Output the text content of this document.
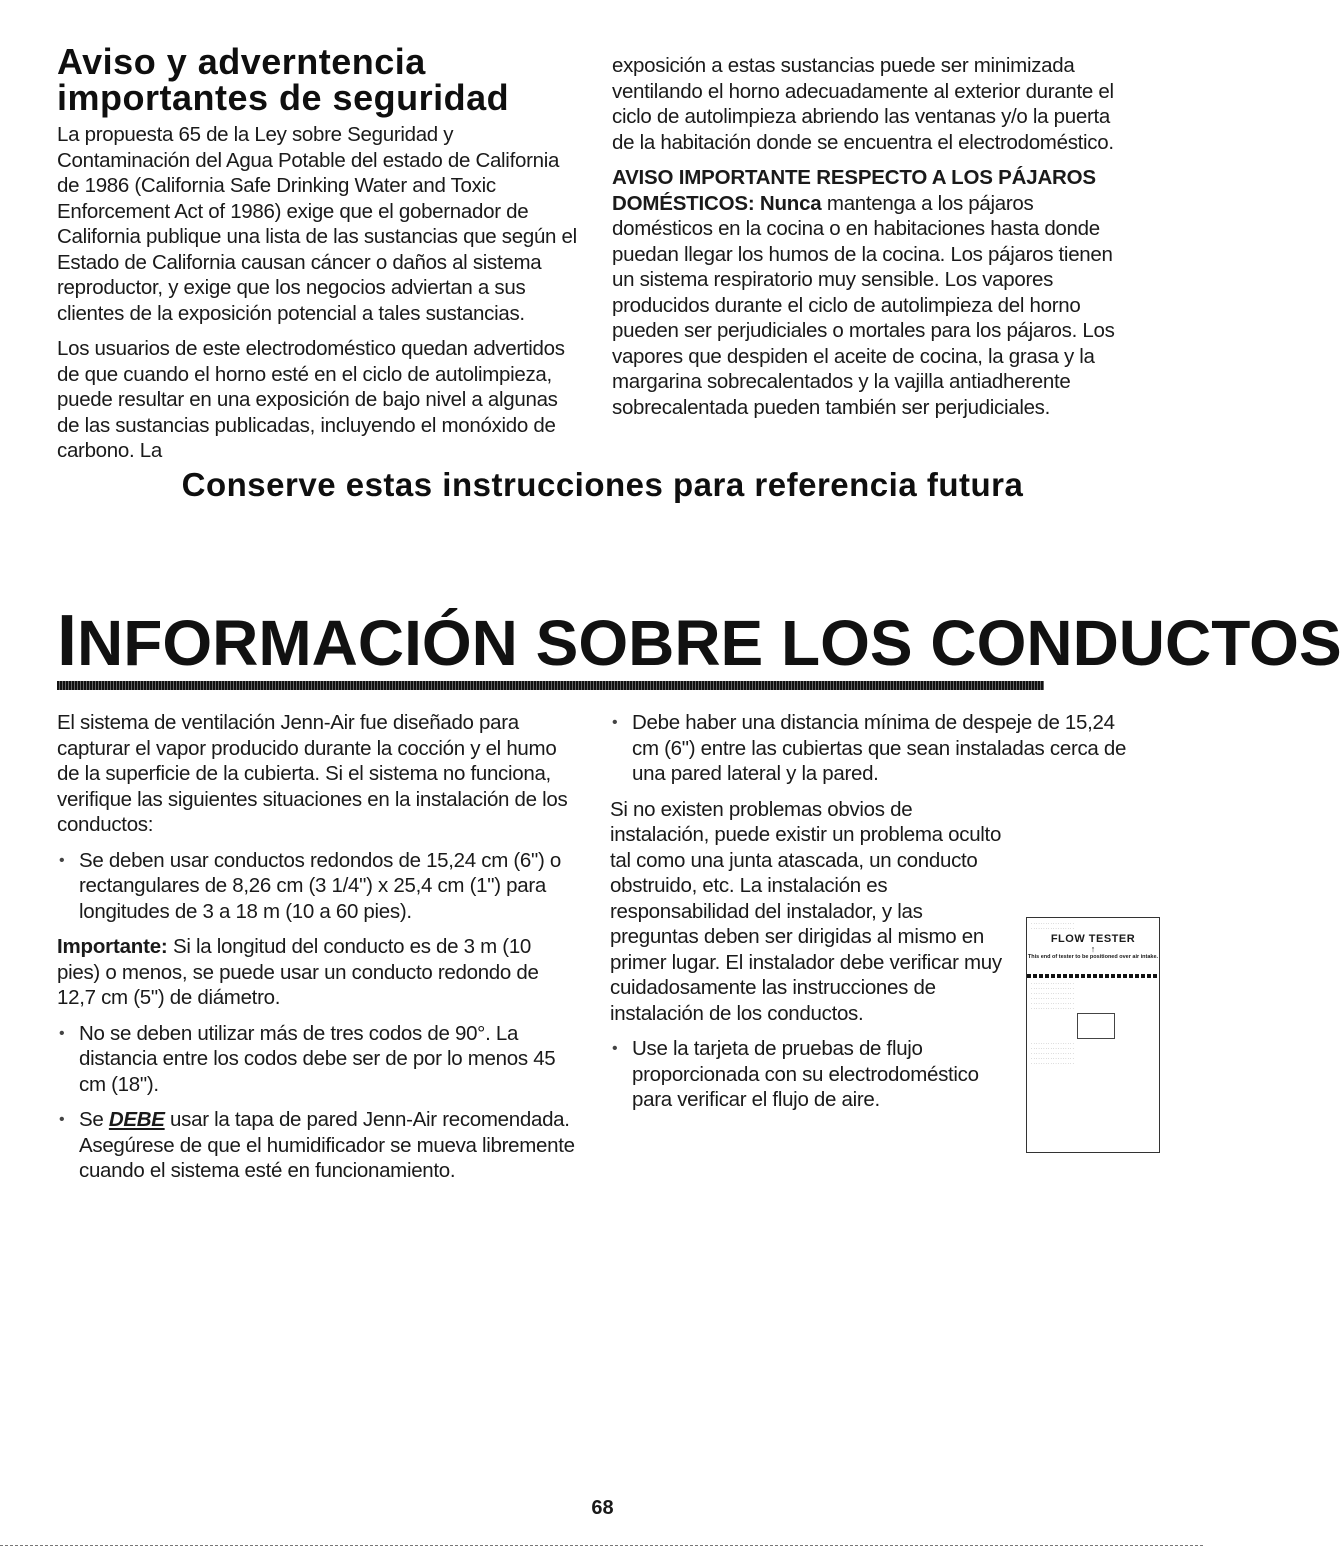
Aviso y adverntencia
importantes de seguridad

La propuesta 65 de la Ley sobre Seguridad y Contaminación del Agua Potable del estado de California de 1986 (California Safe Drinking Water and Toxic Enforcement Act of 1986) exige que el gobernador de California publique una lista de las sustancias que según el Estado de California causan cáncer o daños al sistema reproductor, y exige que los negocios adviertan a sus clientes de la exposición potencial a tales sustancias.

Los usuarios de este electrodoméstico quedan advertidos de que cuando el horno esté en el ciclo de autolimpieza, puede resultar en una exposición de bajo nivel a algunas de las sustancias publicadas, incluyendo el monóxido de carbono. La

exposición a estas sustancias puede ser minimizada ventilando el horno adecuadamente al exterior durante el ciclo de autolimpieza abriendo las ventanas y/o la puerta de la habitación donde se encuentra el electrodoméstico.

AVISO IMPORTANTE RESPECTO A LOS PÁJAROS DOMÉSTICOS: Nunca mantenga a los pájaros domésticos en la cocina o en habitaciones hasta donde puedan llegar los humos de la cocina. Los pájaros tienen un sistema respiratorio muy sensible. Los vapores producidos durante el ciclo de autolimpieza del horno pueden ser perjudiciales o mortales para los pájaros. Los vapores que despiden el aceite de cocina, la grasa y la margarina sobrecalentados y la vajilla antiadherente sobrecalentada pueden también ser perjudiciales.

Conserve estas instrucciones para referencia futura
INFORMACIÓN SOBRE LOS CONDUCTOS

El sistema de ventilación Jenn-Air fue diseñado para capturar el vapor producido durante la cocción y el humo de la superficie de la cubierta. Si el sistema no funciona, verifique las siguientes situaciones en la instalación de los conductos:

• Se deben usar conductos redondos de 15,24 cm (6") o rectangulares de 8,26 cm (3 1/4") x 25,4 cm (1") para longitudes de 3 a 18 m (10 a 60 pies).

Importante: Si la longitud del conducto es de 3 m (10 pies) o menos, se puede usar un conducto redondo de 12,7 cm (5") de diámetro.

• No se deben utilizar más de tres codos de 90°. La distancia entre los codos debe ser de por lo menos 45 cm (18").
• Se DEBE usar la tapa de pared Jenn-Air recomendada. Asegúrese de que el humidificador se mueva libremente cuando el sistema esté en funcionamiento.
• Debe haber una distancia mínima de despeje de 15,24 cm (6") entre las cubiertas que sean instaladas cerca de una pared lateral y la pared.

Si no existen problemas obvios de instalación, puede existir un problema oculto tal como una junta atascada, un conducto obstruido, etc. La instalación es responsabilidad del instalador, y las preguntas deben ser dirigidas al mismo en primer lugar. El instalador debe verificar muy cuidadosamente las instrucciones de instalación de los conductos.

• Use la tarjeta de pruebas de flujo proporcionada con su electrodoméstico para verificar el flujo de aire.
· · · · · · · · · · · · · · · · · ·
· · · · · · · · · · · · · · · · · ·
FLOW TESTER
↑
This end of tester to be positioned over air intake.
· · · · · · · · · · · · · · · · · ·
· · · · · · · · · · · · · · · · · ·
· · · · · · · · · · · · · · · · · ·
· · · · · · · · · · · · · · · · · ·
· · · · · · · · · · · · · · · · · ·
· · · · · · · · · · · · · · · · · ·
· · · · · · · · · · · · · · · · · ·
· · · · · · · · · · · · · · · · · ·
· · · · · · · · · · · · · · · · · ·
· · · · · · · · · · · · · · · · · ·
· · · · · · · · · · · · · · · · · ·
68
